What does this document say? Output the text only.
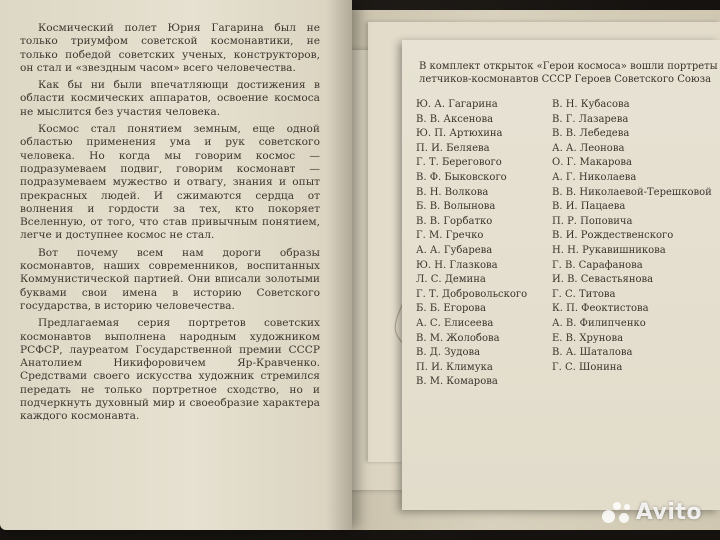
Космический полет Юрия Гагарина был не только триумфом советской космонавтики, не только победой советских ученых, конструкторов, он стал и «звездным часом» всего человечества.

Как бы ни были впечатляющи достижения в области космических аппаратов, освоение космоса не мыслится без участия человека.

Космос стал понятием земным, еще одной областью применения ума и рук советского человека. Но когда мы говорим космос — подразумеваем подвиг, говорим космонавт — подразумеваем мужество и отвагу, знания и опыт прекрасных людей. И сжимаются сердца от волнения и гордости за тех, кто покоряет Вселенную, от того, что став привычным понятием, легче и доступнее космос не стал.

Вот почему всем нам дороги образы космонавтов, наших современников, воспитанных Коммунистической партией. Они вписали золотыми буквами свои имена в историю Советского государства, в историю человечества.

Предлагаемая серия портретов советских космонавтов выполнена народным художником РСФСР, лауреатом Государственной премии СССР Анатолием Никифоровичем Яр-Кравченко. Средствами своего искусства художник стремился передать не только портретное сходство, но и подчеркнуть духовный мир и своеобразие характера каждого космонавта.

В комплект открыток «Герои космоса» вошли портреты
летчиков-космонавтов СССР Героев Советского Союза
Ю. А. Гагарина
В. В. Аксенова
Ю. П. Артюхина
П. И. Беляева
Г. Т. Берегового
В. Ф. Быковского
В. Н. Волкова
Б. В. Волынова
В. В. Горбатко
Г. М. Гречко
А. А. Губарева
Ю. Н. Глазкова
Л. С. Демина
Г. Т. Добровольского
Б. Б. Егорова
А. С. Елисеева
В. М. Жолобова
В. Д. Зудова
П. И. Климука
В. М. Комарова
В. Н. Кубасова
В. Г. Лазарева
В. В. Лебедева
А. А. Леонова
О. Г. Макарова
А. Г. Николаева
В. В. Николаевой-Терешковой
В. И. Пацаева
П. Р. Поповича
В. И. Рождественского
Н. Н. Рукавишникова
Г. В. Сарафанова
И. В. Севастьянова
Г. С. Титова
К. П. Феоктистова
А. В. Филипченко
Е. В. Хрунова
В. А. Шаталова
Г. С. Шонина
Avito
